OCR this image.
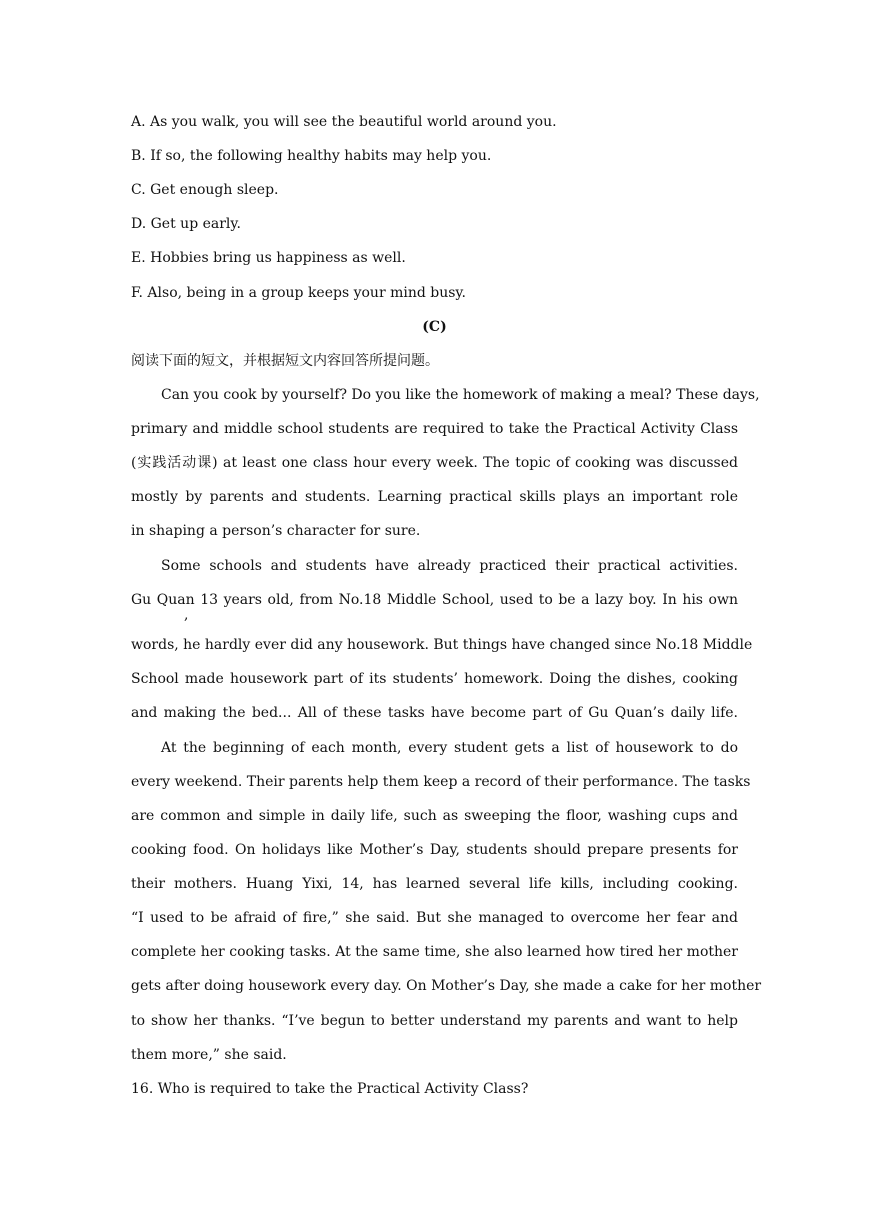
A. As you walk, you will see the beautiful world around you.
B. If so, the following healthy habits may help you.
C. Get enough sleep.
D. Get up early.
E. Hobbies bring us happiness as well.
F. Also, being in a group keeps your mind busy.
(C)
阅读下面的短文，并根据短文内容回答所提问题。
Can you cook by yourself? Do you like the homework of making a meal? These days,
primary and middle school students are required to take the Practical Activity Class
(实践活动课) at least one class hour every week. The topic of cooking was discussed
mostly by parents and students. Learning practical skills plays an important role
in shaping a person’s character for sure.
Some schools and students have already practiced their practical activities.
Gu Quan 13 years old, from No.18 Middle School, used to be a lazy boy. In his own
,
words, he hardly ever did any housework. But things have changed since No.18 Middle
School made housework part of its students’ homework. Doing the dishes, cooking
and making the bed... All of these tasks have become part of Gu Quan’s daily life.
At the beginning of each month, every student gets a list of housework to do
every weekend. Their parents help them keep a record of their performance. The tasks
are common and simple in daily life, such as sweeping the floor, washing cups and
cooking food. On holidays like Mother’s Day, students should prepare presents for
their mothers. Huang Yixi, 14, has learned several life kills, including cooking.
“I used to be afraid of fire,” she said. But she managed to overcome her fear and
complete her cooking tasks. At the same time, she also learned how tired her mother
gets after doing housework every day. On Mother’s Day, she made a cake for her mother
to show her thanks. “I’ve begun to better understand my parents and want to help
them more,” she said.
16. Who is required to take the Practical Activity Class?
